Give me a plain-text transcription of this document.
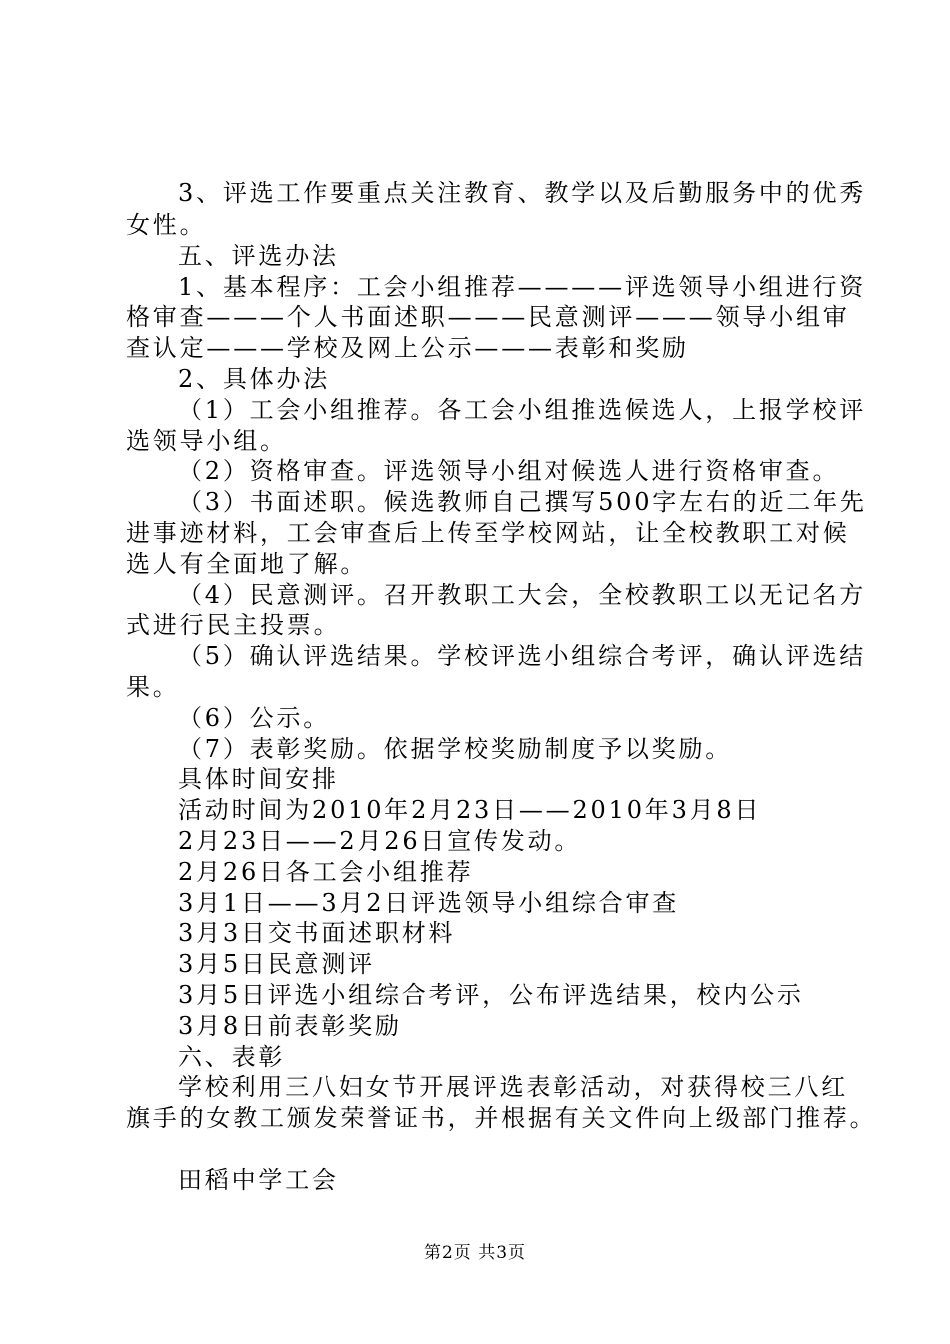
3、评选工作要重点关注教育、教学以及后勤服务中的优秀

女性。

五、评选办法

1、基本程序：工会小组推荐————评选领导小组进行资

格审查———个人书面述职———民意测评———领导小组审

查认定———学校及网上公示———表彰和奖励

2、具体办法

（1）工会小组推荐。各工会小组推选候选人，上报学校评

选领导小组。

（2）资格审查。评选领导小组对候选人进行资格审查。

（3）书面述职。候选教师自己撰写500字左右的近二年先

进事迹材料，工会审查后上传至学校网站，让全校教职工对候

选人有全面地了解。

（4）民意测评。召开教职工大会，全校教职工以无记名方

式进行民主投票。

（5）确认评选结果。学校评选小组综合考评，确认评选结

果。

（6）公示。

（7）表彰奖励。依据学校奖励制度予以奖励。

具体时间安排

活动时间为2010年2月23日——2010年3月8日

2月23日——2月26日宣传发动。

2月26日各工会小组推荐

3月1日——3月2日评选领导小组综合审查

3月3日交书面述职材料

3月5日民意测评

3月5日评选小组综合考评，公布评选结果，校内公示

3月8日前表彰奖励

六、表彰

学校利用三八妇女节开展评选表彰活动，对获得校三八红

旗手的女教工颁发荣誉证书，并根据有关文件向上级部门推荐。

田稻中学工会

第2页 共3页
